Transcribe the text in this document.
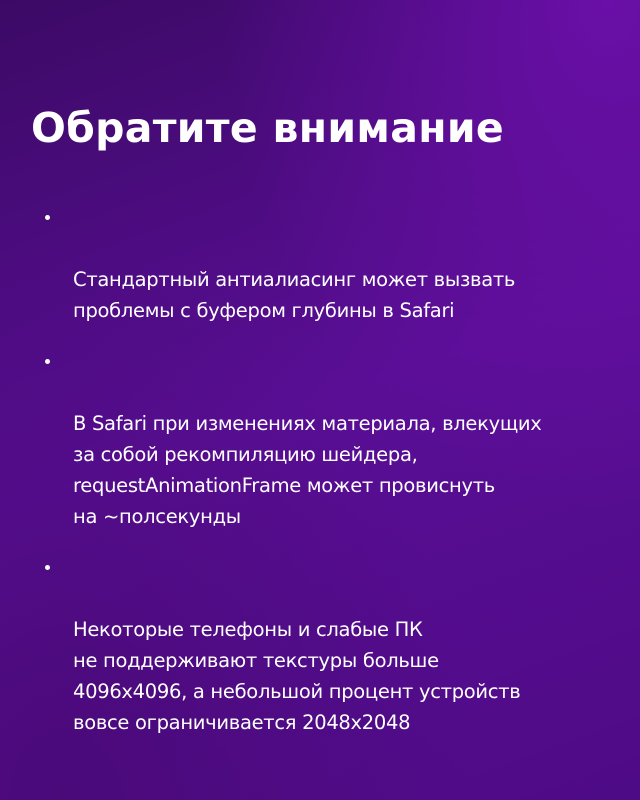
Обратите внимание

Стандартный антиалиасинг может вызвать
проблемы с буфером глубины в Safari

В Safari при изменениях материала, влекущих
за собой рекомпиляцию шейдера,
requestAnimationFrame может провиснуть
на ~полсекунды

Некоторые телефоны и слабые ПК
не поддерживают текстуры больше
4096x4096, а небольшой процент устройств
вовсе ограничивается 2048x2048
